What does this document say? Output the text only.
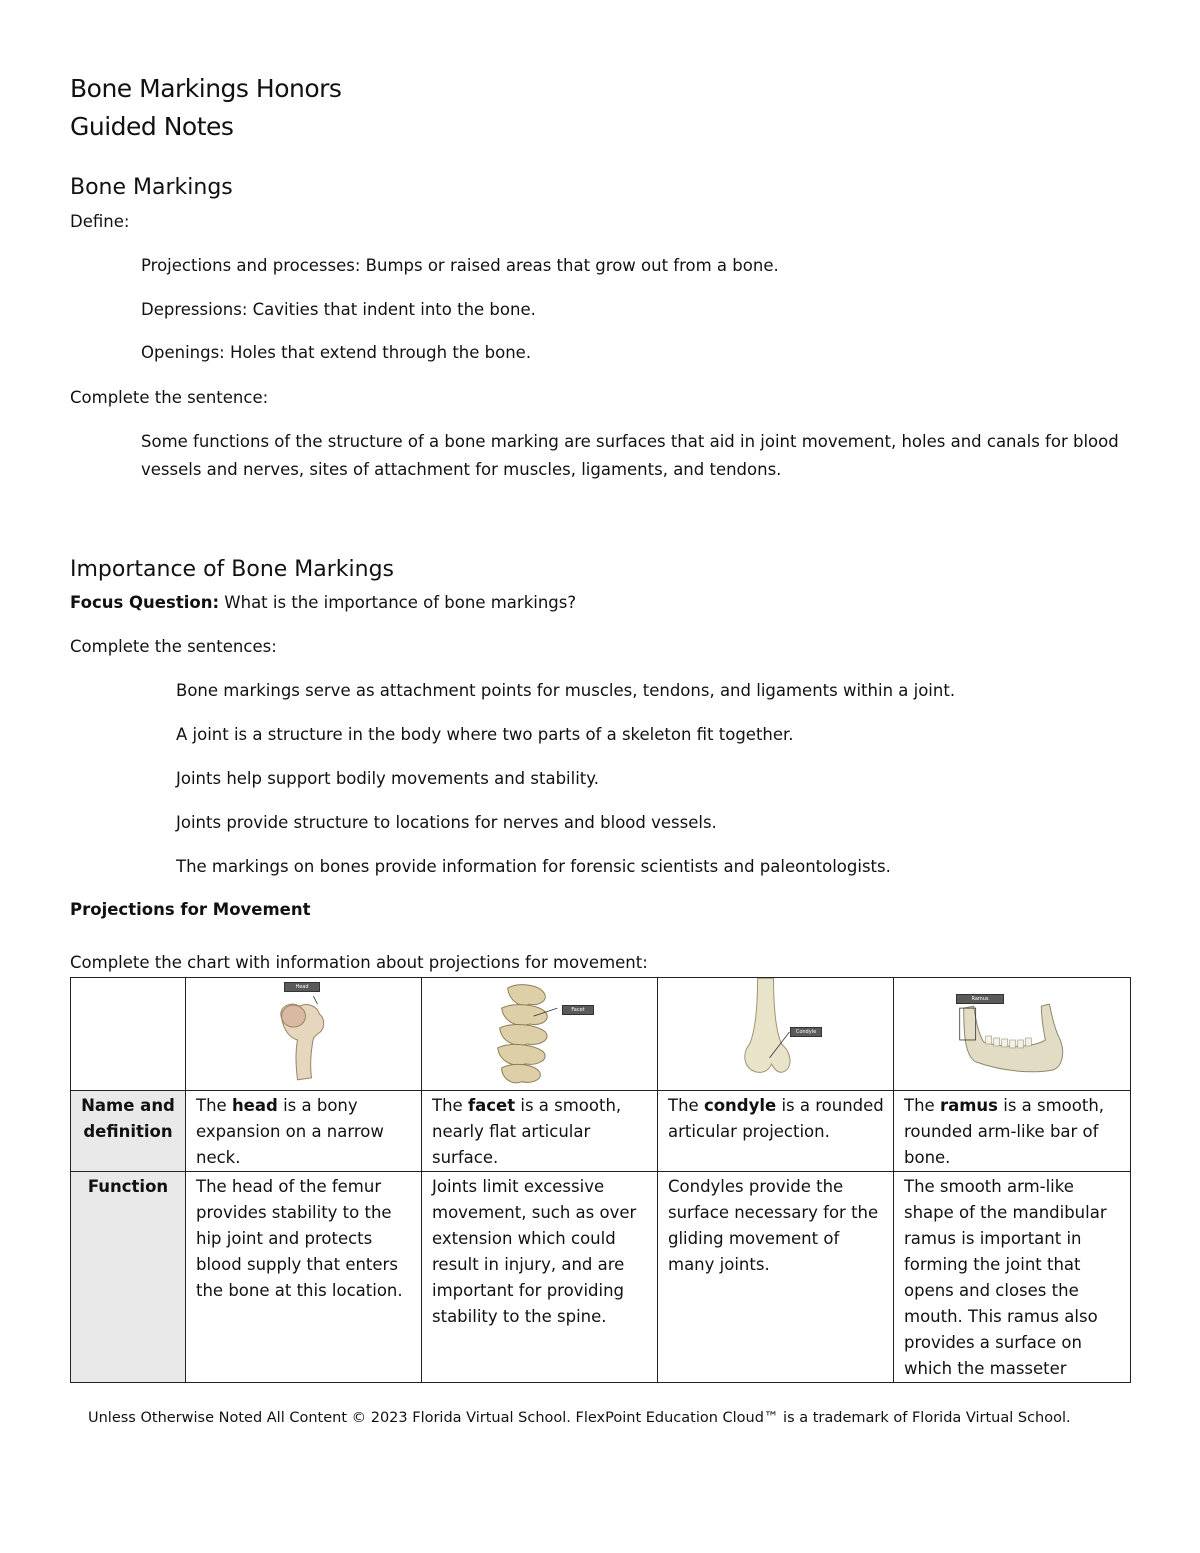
Bone Markings Honors
Guided Notes
Bone Markings
Define:
Projections and processes: Bumps or raised areas that grow out from a bone.
Depressions: Cavities that indent into the bone.
Openings: Holes that extend through the bone.
Complete the sentence:
Some functions of the structure of a bone marking are surfaces that aid in joint movement, holes and canals for blood vessels and nerves, sites of attachment for muscles, ligaments, and tendons.
Importance of Bone Markings
Focus Question: What is the importance of bone markings?
Complete the sentences:
Bone markings serve as attachment points for muscles, tendons, and ligaments within a joint.
A joint is a structure in the body where two parts of a skeleton fit together.
Joints help support bodily movements and stability.
Joints provide structure to locations for nerves and blood vessels.
The markings on bones provide information for forensic scientists and paleontologists.
Projections for Movement
Complete the chart with information about projections for movement:

	Head	Facet	Condyle	Ramus

Name and definition	The head is a bony expansion on a narrow neck.	The facet is a smooth, nearly flat articular surface.	The condyle is a rounded articular projection.	The ramus is a smooth, rounded arm-like bar of bone.
Function	The head of the femur provides stability to the hip joint and protects blood supply that enters the bone at this location.	Joints limit excessive movement, such as over extension which could result in injury, and are important for providing stability to the spine.	Condyles provide the surface necessary for the gliding movement of many joints.	The smooth arm-like shape of the mandibular ramus is important in forming the joint that opens and closes the mouth. This ramus also provides a surface on which the masseter
Unless Otherwise Noted All Content © 2023 Florida Virtual School. FlexPoint Education Cloud™ is a trademark of Florida Virtual School.
